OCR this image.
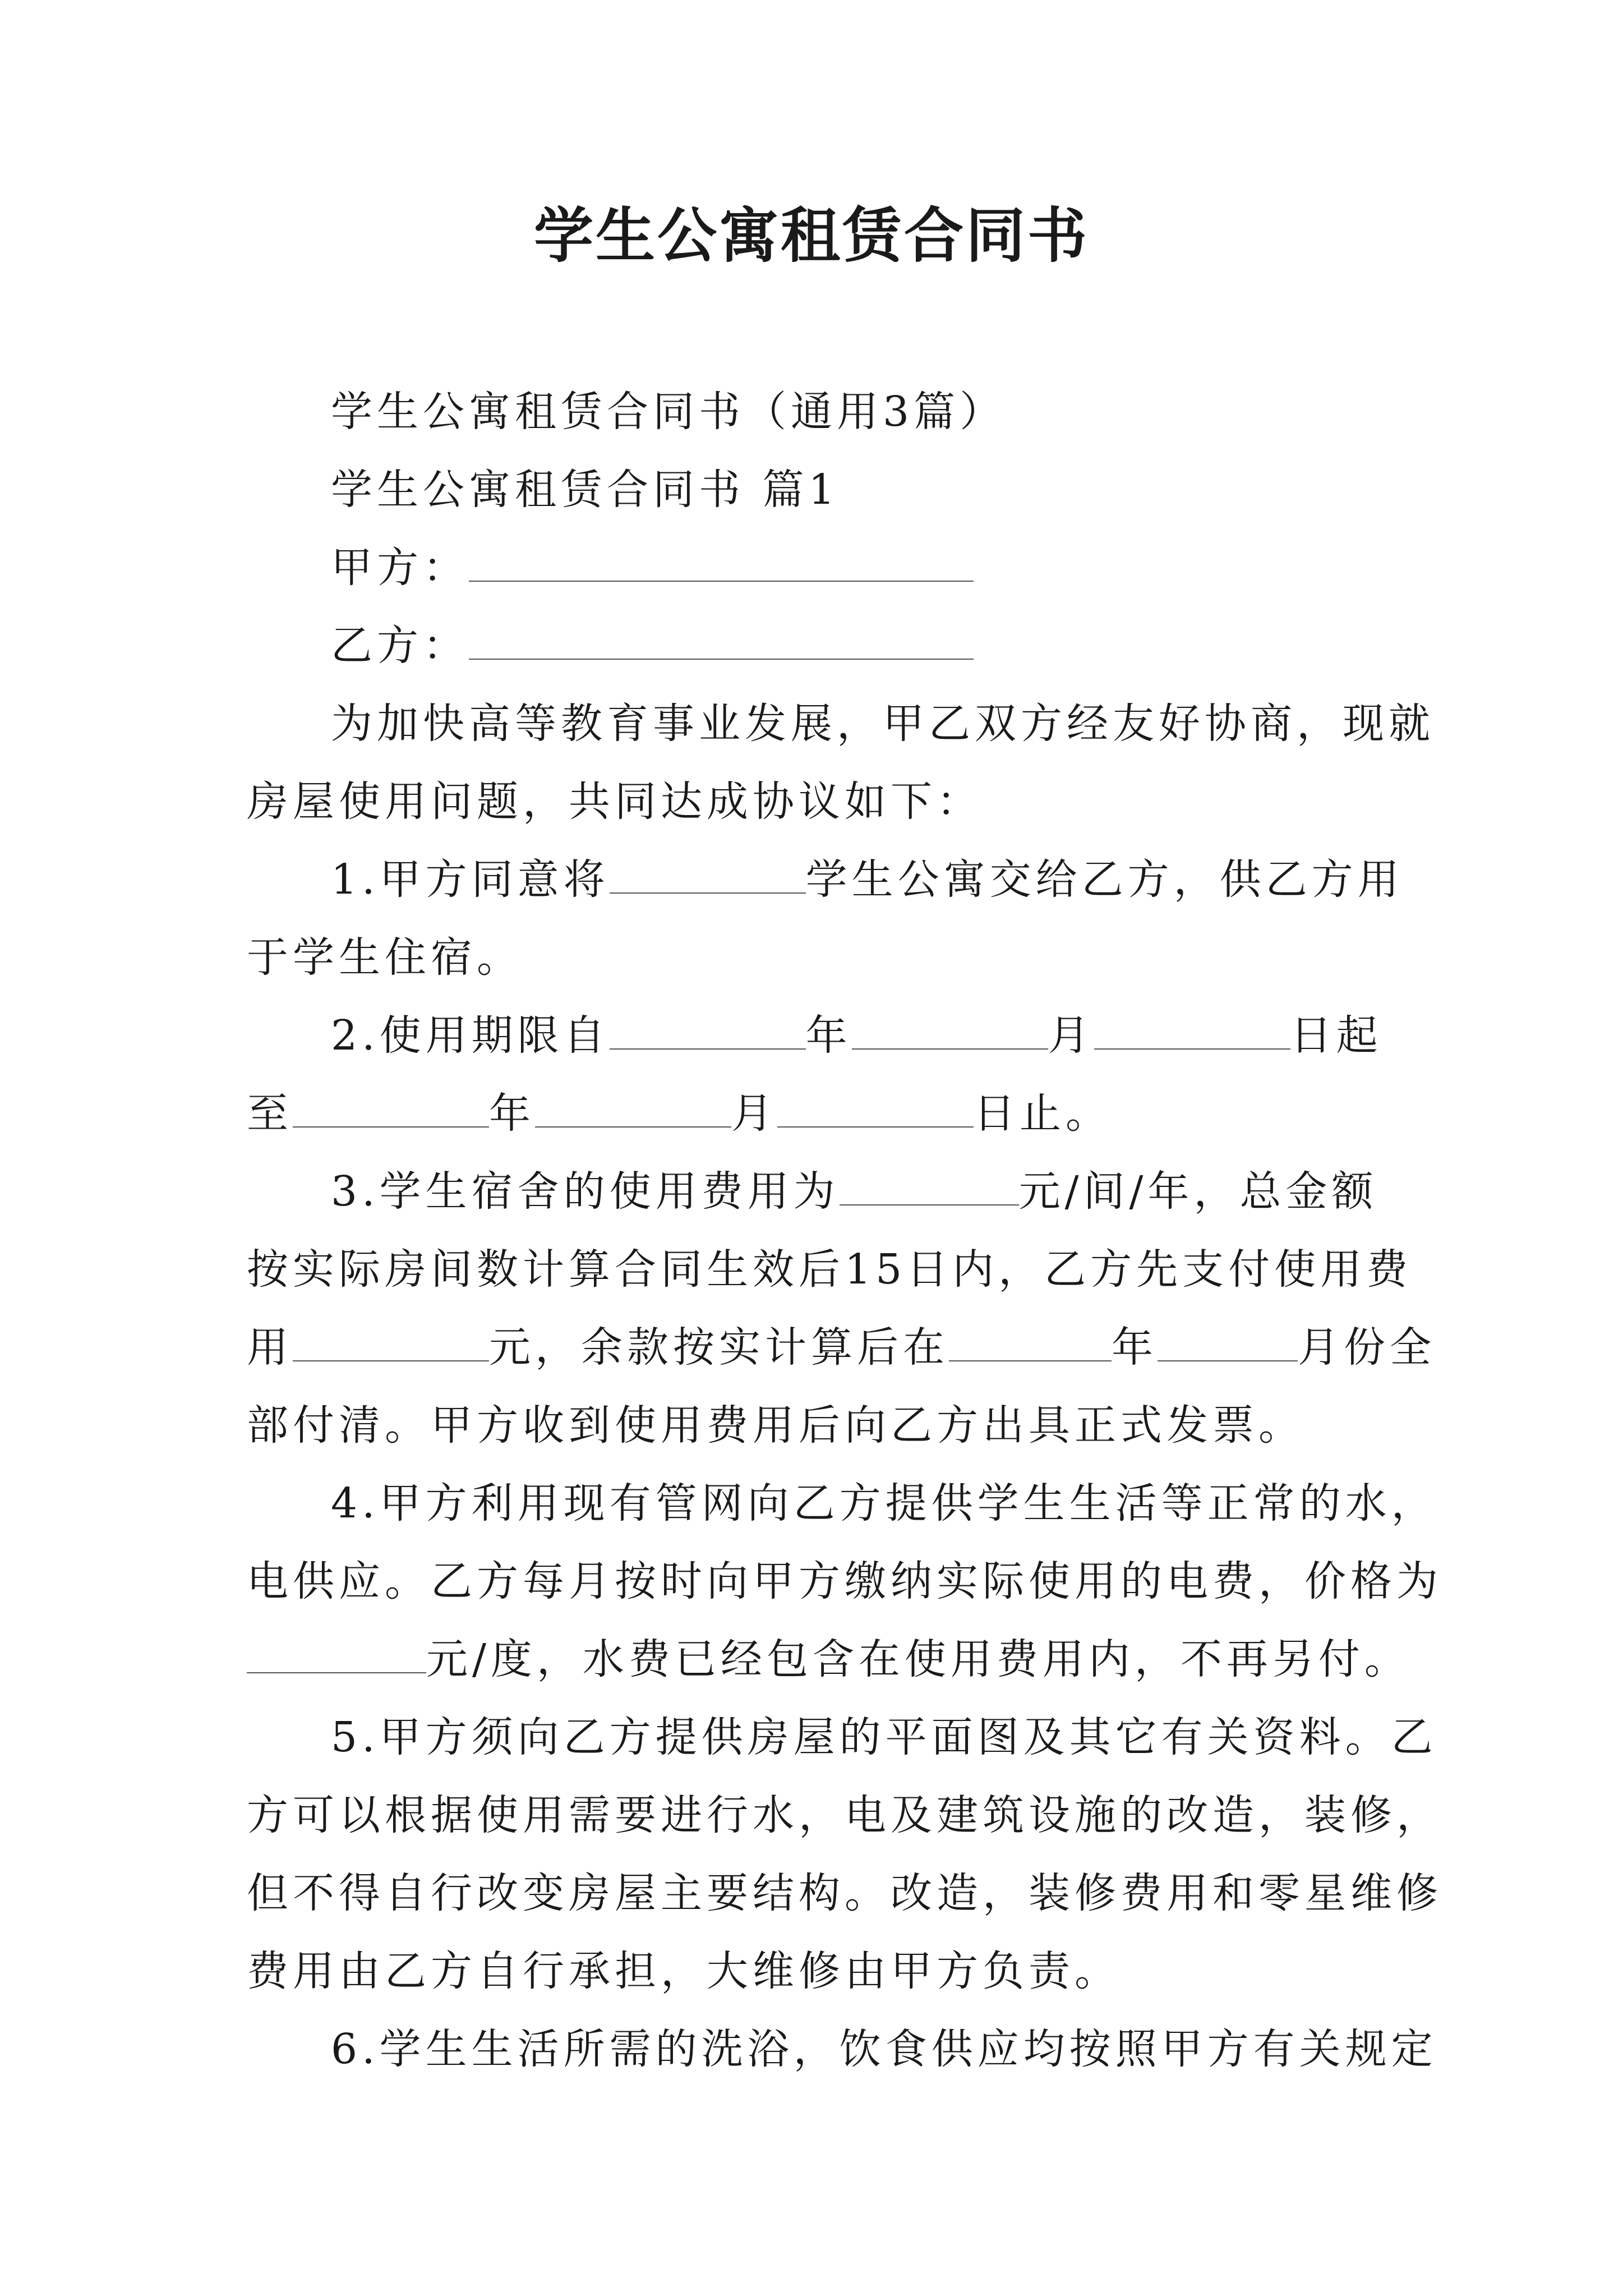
学生公寓租赁合同书
学生公寓租赁合同书（通用3篇）
学生公寓租赁合同书 篇1
甲方：
乙方：
为加快高等教育事业发展，甲乙双方经友好协商，现就
房屋使用问题，共同达成协议如下：
1.甲方同意将	学生公寓交给乙方，供乙方用
于学生住宿。
2.使用期限自	年	月	日起
至	年	月	日止。
3.学生宿舍的使用费用为	元/间/年，总金额
按实际房间数计算合同生效后15日内，乙方先支付使用费
用	元，余款按实计算后在	年	月份全
部付清。甲方收到使用费用后向乙方出具正式发票。
4.甲方利用现有管网向乙方提供学生生活等正常的水，
电供应。乙方每月按时向甲方缴纳实际使用的电费，价格为
元/度，水费已经包含在使用费用内，不再另付。
5.甲方须向乙方提供房屋的平面图及其它有关资料。乙
方可以根据使用需要进行水，电及建筑设施的改造，装修，
但不得自行改变房屋主要结构。改造，装修费用和零星维修
费用由乙方自行承担，大维修由甲方负责。
6.学生生活所需的洗浴，饮食供应均按照甲方有关规定
